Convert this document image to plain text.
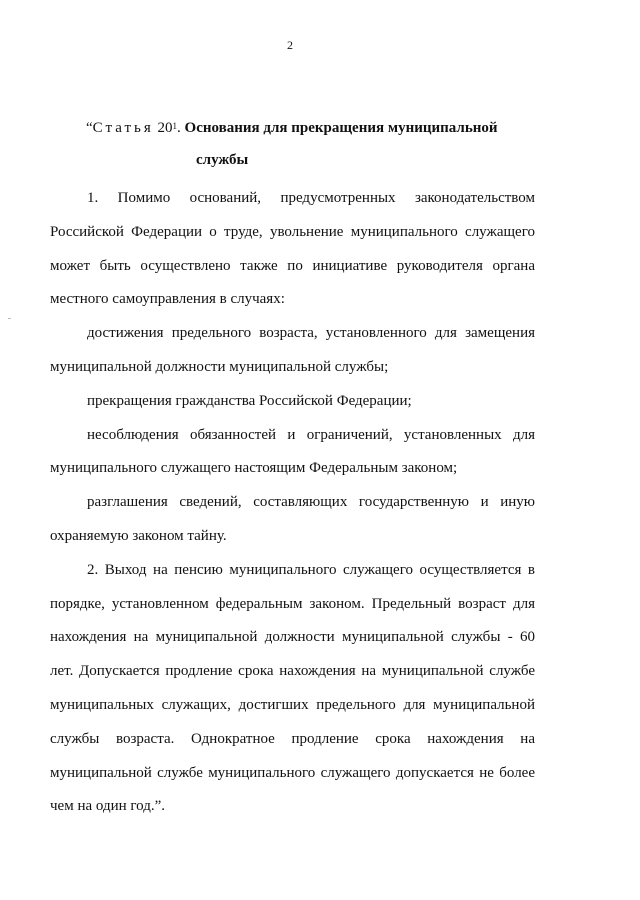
2
“Статья $20^1$. Основания для прекращения муниципальной
службы

1. Помимо оснований, предусмотренных законодательством Российской Федерации о труде, увольнение муниципального служащего может быть осуществлено также по инициативе руководителя органа местного самоуправления в случаях:

достижения предельного возраста, установленного для замещения муниципальной должности муниципальной службы;

прекращения гражданства Российской Федерации;

несоблюдения обязанностей и ограничений, установленных для муниципального служащего настоящим Федеральным законом;

разглашения сведений, составляющих государственную и иную охраняемую законом тайну.

2. Выход на пенсию муниципального служащего осуществляется в порядке, установленном федеральным законом. Предельный возраст для нахождения на муниципальной должности муниципальной службы - 60 лет. Допускается продление срока нахождения на муниципальной службе муниципальных служащих, достигших предельного для муниципальной службы возраста. Однократное продление срока нахождения на муниципальной службе муниципального служащего допускается не более чем на один год.”.
